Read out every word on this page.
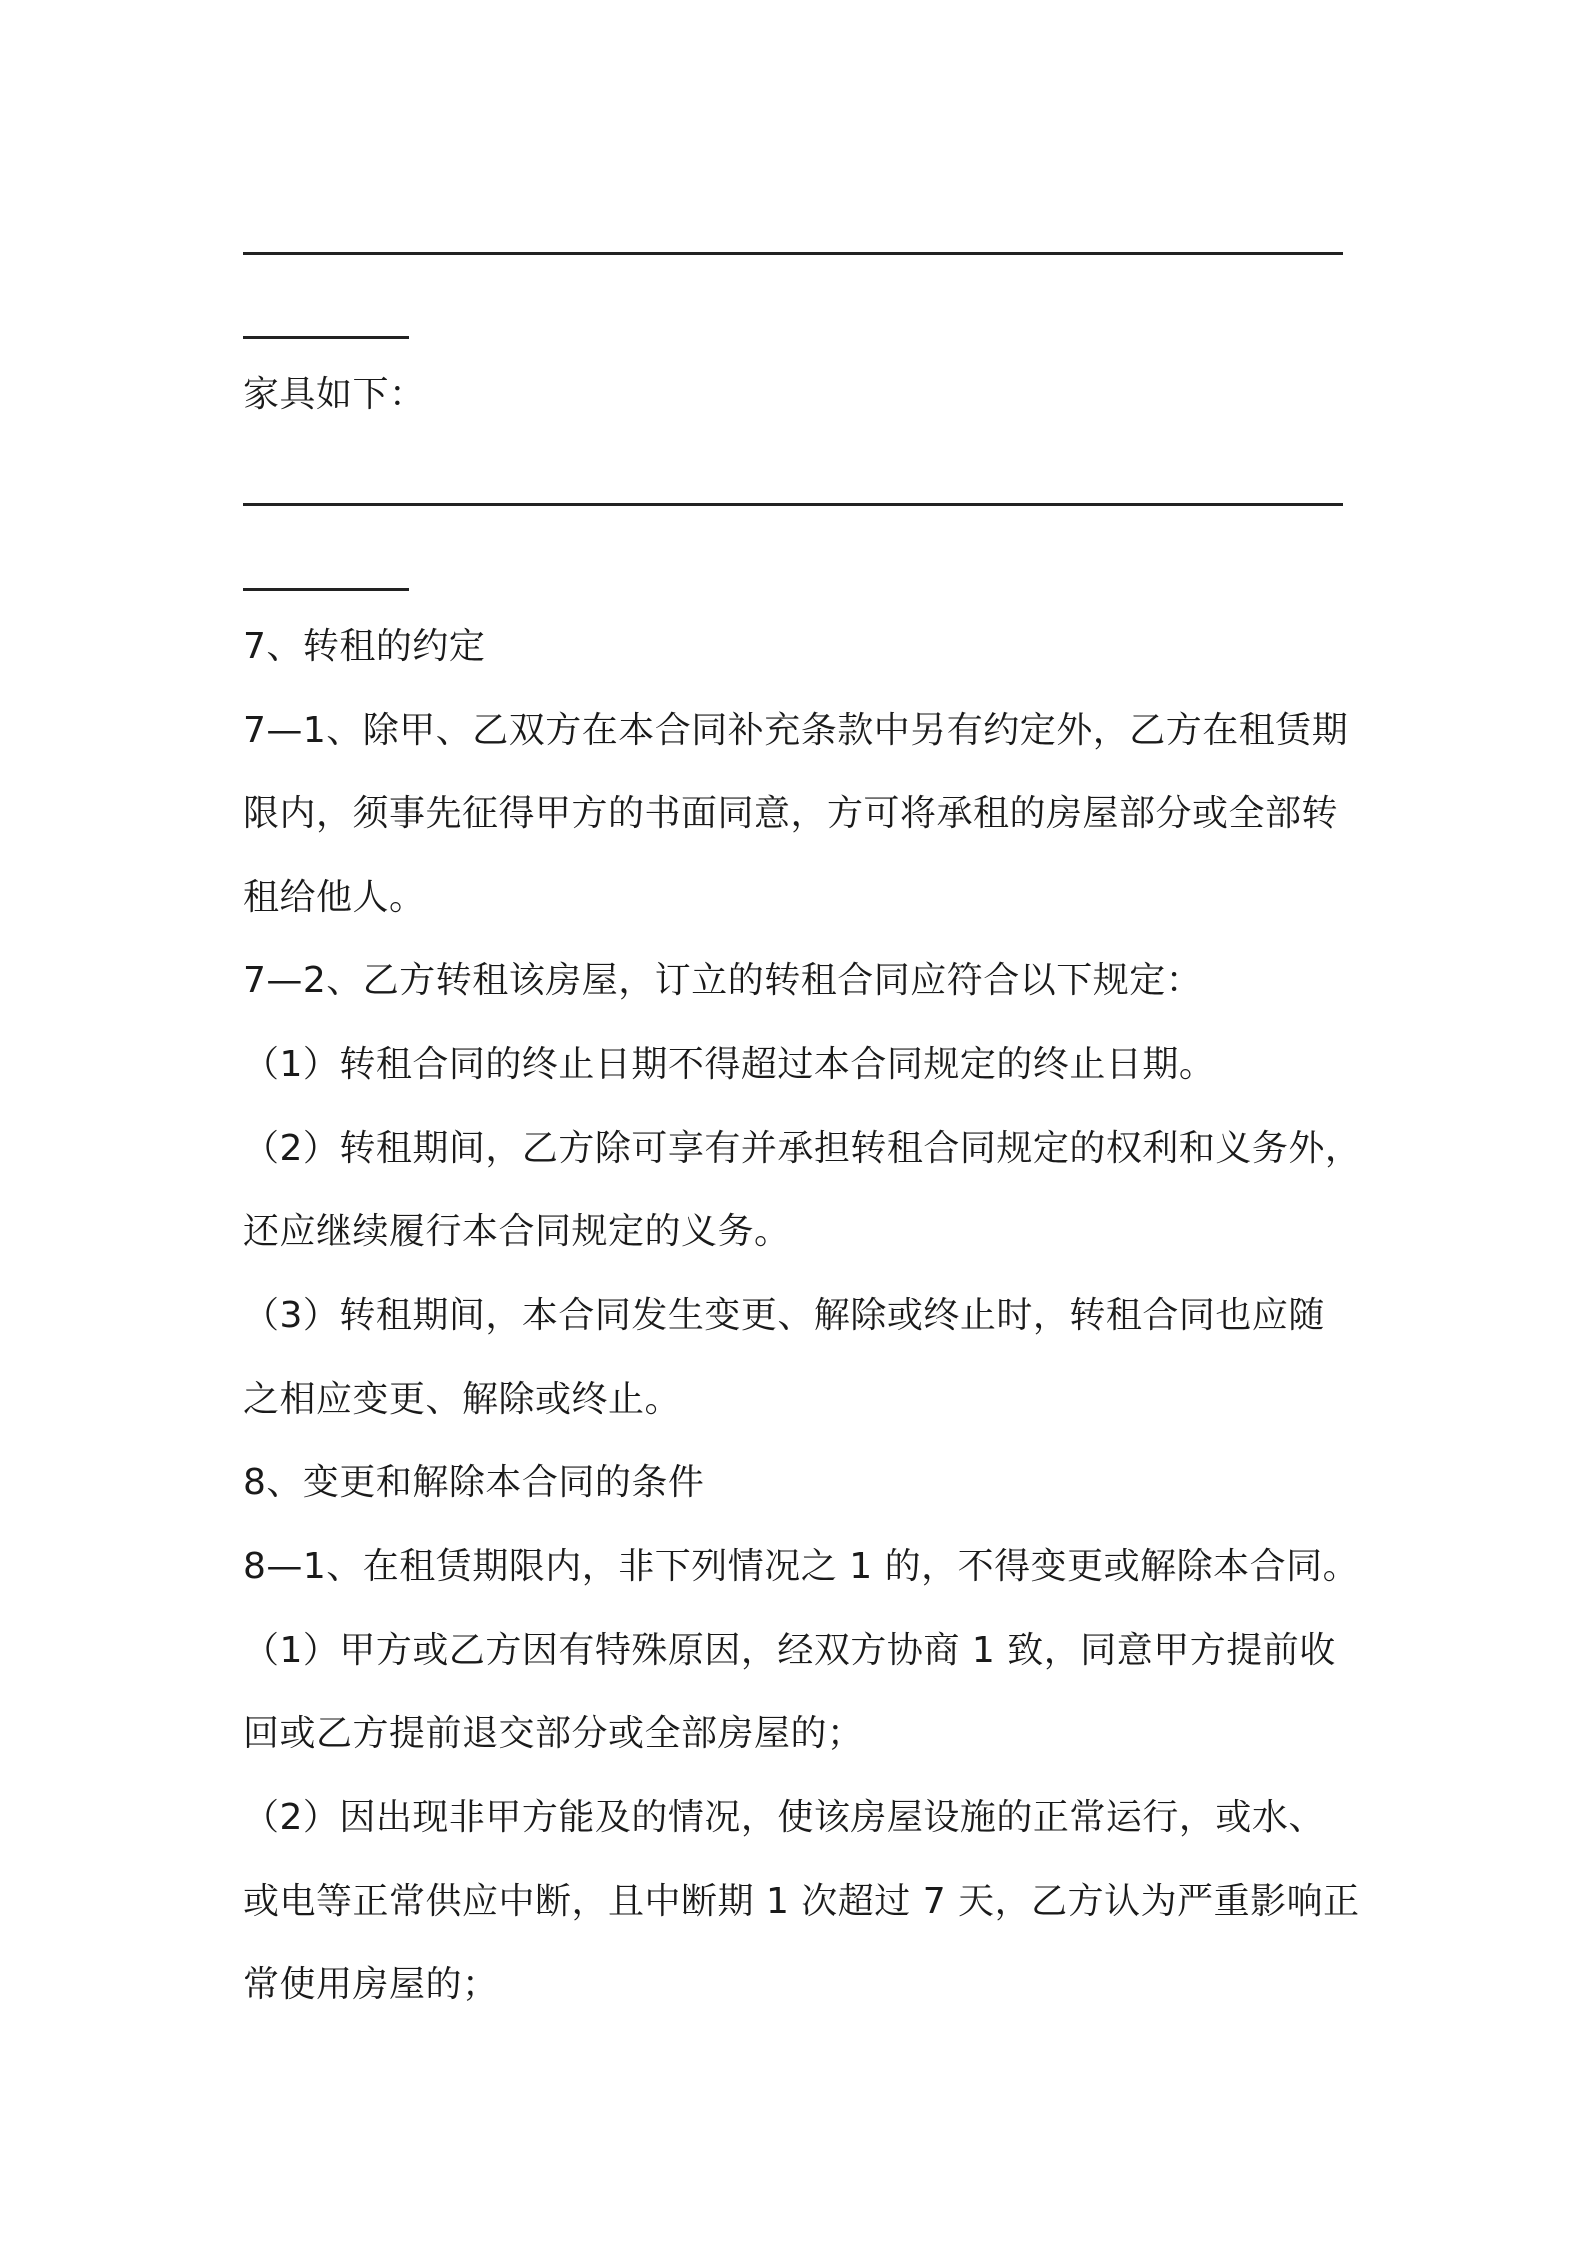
家具如下：
7、转租的约定
7—1、除甲、乙双方在本合同补充条款中另有约定外，乙方在租赁期
限内，须事先征得甲方的书面同意，方可将承租的房屋部分或全部转
租给他人。
7—2、乙方转租该房屋，订立的转租合同应符合以下规定：
（1）转租合同的终止日期不得超过本合同规定的终止日期。
（2）转租期间，乙方除可享有并承担转租合同规定的权利和义务外，
还应继续履行本合同规定的义务。
（3）转租期间，本合同发生变更、解除或终止时，转租合同也应随
之相应变更、解除或终止。
8、变更和解除本合同的条件
8—1、在租赁期限内，非下列情况之 1 的，不得变更或解除本合同。
（1）甲方或乙方因有特殊原因，经双方协商 1 致，同意甲方提前收
回或乙方提前退交部分或全部房屋的；
（2）因出现非甲方能及的情况，使该房屋设施的正常运行，或水、
或电等正常供应中断，且中断期 1 次超过 7 天，乙方认为严重影响正
常使用房屋的；
